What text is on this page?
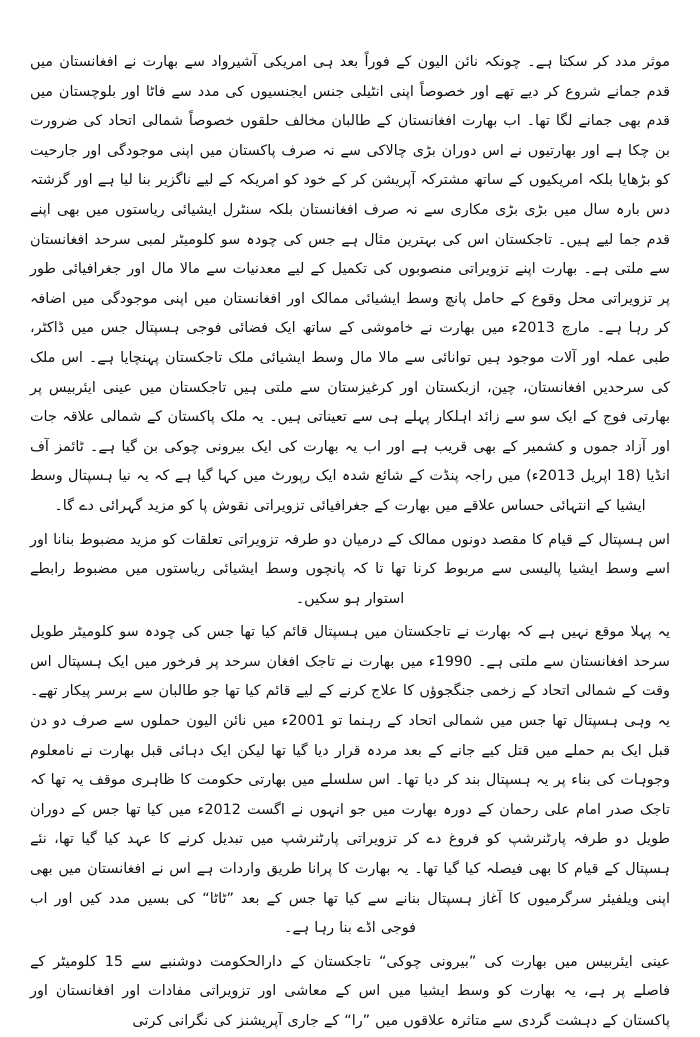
موثر مدد کر سکتا ہے۔ چونکہ نائن الیون کے فوراً بعد ہی امریکی آشیرواد سے بھارت نے افغانستان میں قدم جمانے شروع کر دیے تھے اور خصوصاً اپنی انٹیلی جنس ایجنسیوں کی مدد سے فاٹا اور بلوچستان میں قدم بھی جمانے لگا تھا۔ اب بھارت افغانستان کے طالبان مخالف حلقوں خصوصاً شمالی اتحاد کی ضرورت بن چکا ہے اور بھارتیوں نے اس دوران بڑی چالاکی سے نہ صرف پاکستان میں اپنی موجودگی اور جارحیت کو بڑھایا بلکہ امریکیوں کے ساتھ مشترکہ آپریشن کر کے خود کو امریکہ کے لیے ناگزیر بنا لیا ہے اور گزشتہ دس بارہ سال میں بڑی بڑی مکاری سے نہ صرف افغانستان بلکہ سنٹرل ایشیائی ریاستوں میں بھی اپنے قدم جما لیے ہیں۔ تاجکستان اس کی بہترین مثال ہے جس کی چودہ سو کلومیٹر لمبی سرحد افغانستان سے ملتی ہے۔ بھارت اپنے تزویراتی منصوبوں کی تکمیل کے لیے معدنیات سے مالا مال اور جغرافیائی طور پر تزویراتی محل وقوع کے حامل پانچ وسط ایشیائی ممالک اور افغانستان میں اپنی موجودگی میں اضافہ کر رہا ہے۔ مارچ 2013ء میں بھارت نے خاموشی کے ساتھ ایک فضائی فوجی ہسپتال جس میں ڈاکٹر، طبی عملہ اور آلات موجود ہیں توانائی سے مالا مال وسط ایشیائی ملک تاجکستان پہنچایا ہے۔ اس ملک کی سرحدیں افغانستان، چین، ازبکستان اور کرغیزستان سے ملتی ہیں تاجکستان میں عینی ایئربیس پر بھارتی فوج کے ایک سو سے زائد اہلکار پہلے ہی سے تعیناتی ہیں۔ یہ ملک پاکستان کے شمالی علاقہ جات اور آزاد جموں و کشمیر کے بھی قریب ہے اور اب یہ بھارت کی ایک بیرونی چوکی بن گیا ہے۔ ٹائمز آف انڈیا (18 اپریل 2013ء) میں راجہ پنڈت کے شائع شدہ ایک رپورٹ میں کہا گیا ہے کہ یہ نیا ہسپتال وسط ایشیا کے انتہائی حساس علاقے میں بھارت کے جغرافیائی تزویراتی نقوش پا کو مزید گہرائی دے گا۔

اس ہسپتال کے قیام کا مقصد دونوں ممالک کے درمیان دو طرفہ تزویراتی تعلقات کو مزید مضبوط بنانا اور اسے وسط ایشیا پالیسی سے مربوط کرنا تھا تا کہ پانچوں وسط ایشیائی ریاستوں میں مضبوط رابطے استوار ہو سکیں۔

یہ پہلا موقع نہیں ہے کہ بھارت نے تاجکستان میں ہسپتال قائم کیا تھا جس کی چودہ سو کلومیٹر طویل سرحد افغانستان سے ملتی ہے۔ 1990ء میں بھارت نے تاجک افغان سرحد پر فرخور میں ایک ہسپتال اس وقت کے شمالی اتحاد کے زخمی جنگجوؤں کا علاج کرنے کے لیے قائم کیا تھا جو طالبان سے برسر پیکار تھے۔ یہ وہی ہسپتال تھا جس میں شمالی اتحاد کے رہنما تو 2001ء میں نائن الیون حملوں سے صرف دو دن قبل ایک بم حملے میں قتل کیے جانے کے بعد مردہ قرار دیا گیا تھا لیکن ایک دہائی قبل بھارت نے نامعلوم وجوہات کی بناء پر یہ ہسپتال بند کر دیا تھا۔ اس سلسلے میں بھارتی حکومت کا ظاہری موقف یہ تھا کہ تاجک صدر امام علی رحمان کے دورہ بھارت میں جو انہوں نے اگست 2012ء میں کیا تھا جس کے دوران طویل دو طرفہ پارٹنرشپ کو فروغ دے کر تزویراتی پارٹنرشپ میں تبدیل کرنے کا عہد کیا گیا تھا، نئے ہسپتال کے قیام کا بھی فیصلہ کیا گیا تھا۔ یہ بھارت کا پرانا طریق واردات ہے اس نے افغانستان میں بھی اپنی ویلفیئر سرگرمیوں کا آغاز ہسپتال بنانے سے کیا تھا جس کے بعد ”ٹاٹا“ کی بسیں مدد کیں اور اب فوجی اڈے بنا رہا ہے۔

عینی ایئربیس میں بھارت کی ”بیرونی چوکی“ تاجکستان کے دارالحکومت دوشنبے سے 15 کلومیٹر کے فاصلے پر ہے، یہ بھارت کو وسط ایشیا میں اس کے معاشی اور تزویراتی مفادات اور افغانستان اور پاکستان کے دہشت گردی سے متاثرہ علاقوں میں ”را“ کے جاری آپریشنز کی نگرانی کرتی
